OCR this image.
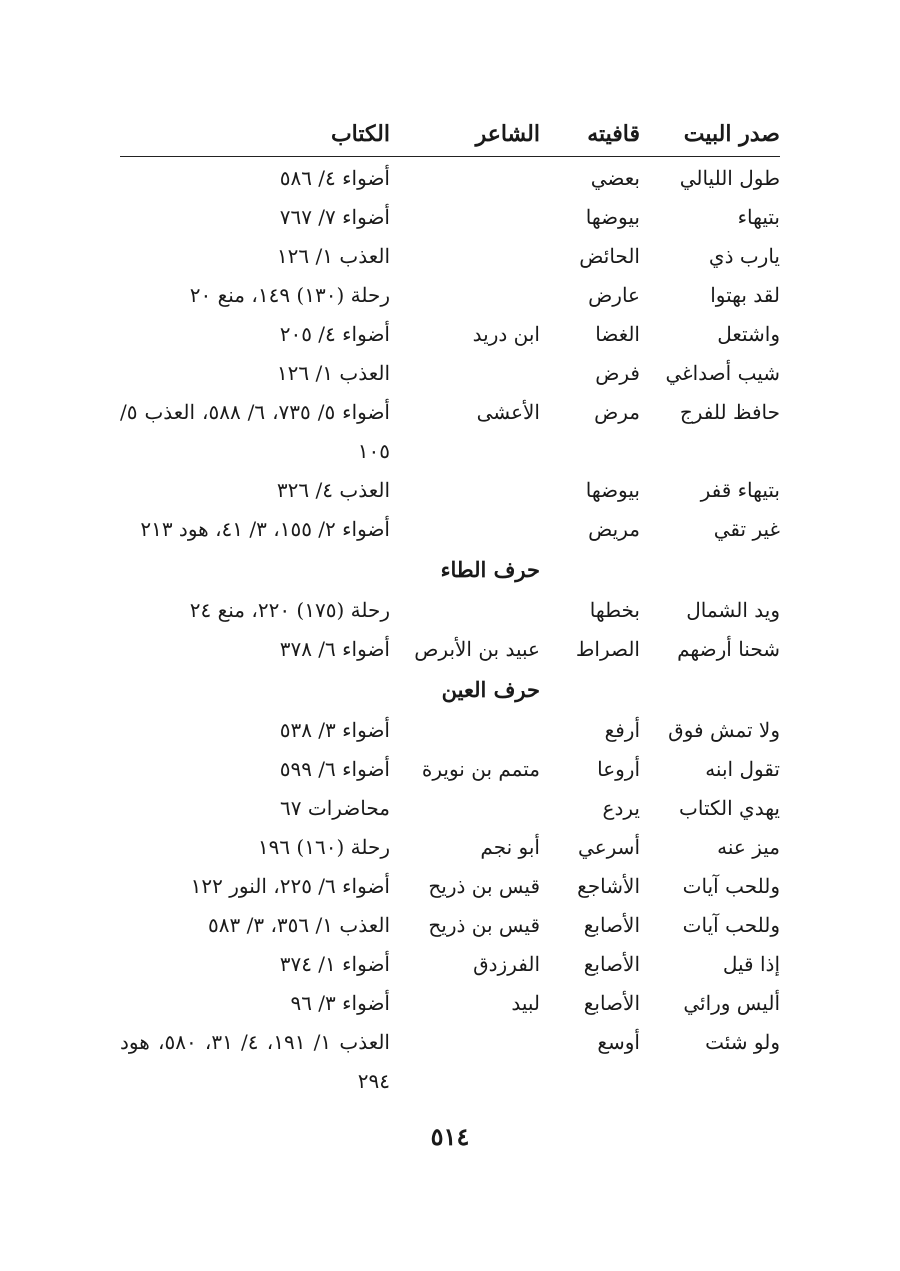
صدر البيت
قافيته
الشاعر
الكتاب
طول الليالي
بعضي
أضواء ٤/ ٥٨٦
بتيهاء
بيوضها
أضواء ٧/ ٧٦٧
يارب ذي
الحائض
العذب ١/ ١٢٦
لقد بهتوا
عارض
رحلة (١٣٠) ١٤٩، منع ٢٠
واشتعل
الغضا
ابن دريد
أضواء ٤/ ٢٠٥
شيب أصداغي
فرض
العذب ١/ ١٢٦
حافظ للفرج
مرض
الأعشى
أضواء ٥/ ٧٣٥، ٦/ ٥٨٨، العذب ٥/ ١٠٥
بتيهاء قفر
بيوضها
العذب ٤/ ٣٢٦
غير تقي
مريض
أضواء ٢/ ١٥٥، ٣/ ٤١، هود ٢١٣
حرف الطاء
ويد الشمال
بخطها
رحلة (١٧٥) ٢٢٠، منع ٢٤
شحنا أرضهم
الصراط
عبيد بن الأبرص
أضواء ٦/ ٣٧٨
حرف العين
ولا تمش فوق
أرفع
أضواء ٣/ ٥٣٨
تقول ابنه
أروعا
متمم بن نويرة
أضواء ٦/ ٥٩٩
يهدي الكتاب
يردع
محاضرات ٦٧
ميز عنه
أسرعي
أبو نجم
رحلة (١٦٠) ١٩٦
وللحب آيات
الأشاجع
قيس بن ذريح
أضواء ٦/ ٢٢٥، النور ١٢٢
وللحب آيات
الأصابع
قيس بن ذريح
العذب ١/ ٣٥٦، ٣/ ٥٨٣
إذا قيل
الأصابع
الفرزدق
أضواء ١/ ٣٧٤
أليس ورائي
الأصابع
لبيد
أضواء ٣/ ٩٦
ولو شئت
أوسع
العذب ١/ ١٩١، ٤/ ٣١، ٥٨٠، هود ٢٩٤
٥١٤
